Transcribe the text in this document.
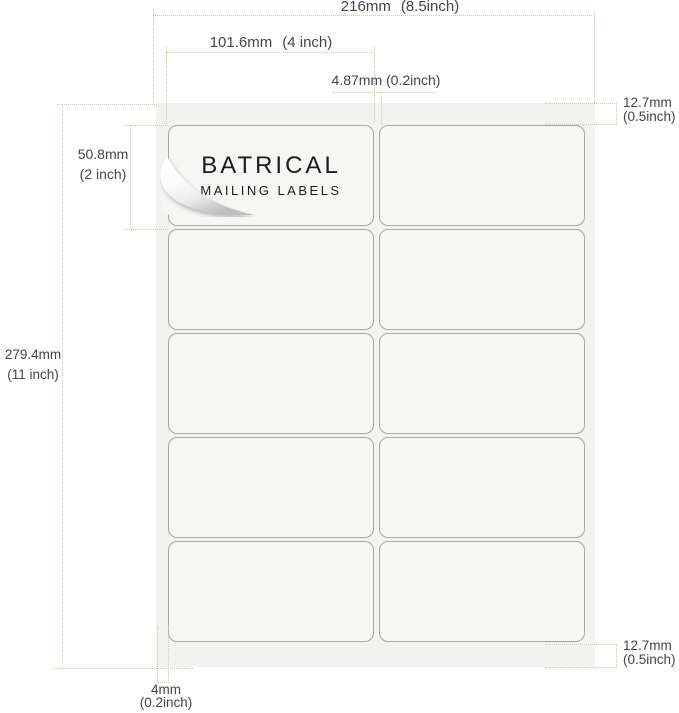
BATRICAL
MAILING LABELS
216mm (8.5inch)
101.6mm (4 inch)
4.87mm (0.2inch)
12.7mm
(0.5inch)
12.7mm
(0.5inch)
50.8mm
(2 inch)
279.4mm
(11 inch)
4mm
(0.2inch)
